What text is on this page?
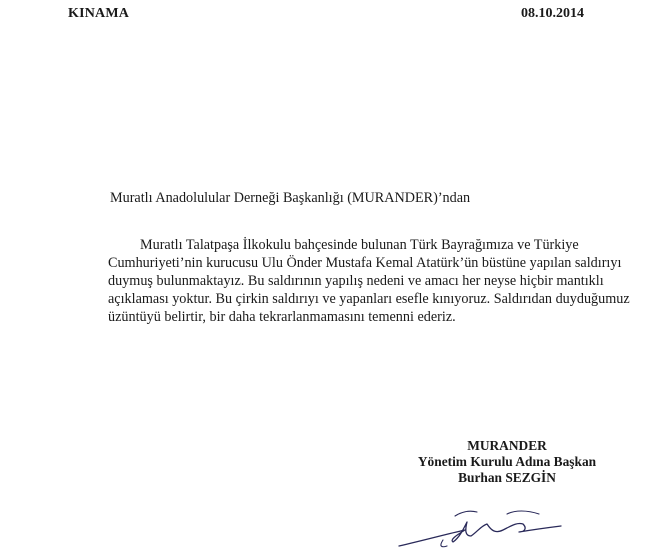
KINAMA	08.10.2014
Muratlı Anadolulular Derneği Başkanlığı (MURANDER)’ndan
Muratlı Talatpaşa İlkokulu bahçesinde bulunan Türk Bayrağımıza ve Türkiye
Cumhuriyeti’nin kurucusu Ulu Önder Mustafa Kemal Atatürk’ün büstüne yapılan saldırıyı
duymuş bulunmaktayız. Bu saldırının yapılış nedeni ve amacı her neyse hiçbir mantıklı
açıklaması yoktur. Bu çirkin saldırıyı ve yapanları esefle kınıyoruz. Saldırıdan duyduğumuz
üzüntüyü belirtir, bir daha tekrarlanmamasını temenni ederiz.
MURANDER
Yönetim Kurulu Adına Başkan
Burhan SEZGİN
